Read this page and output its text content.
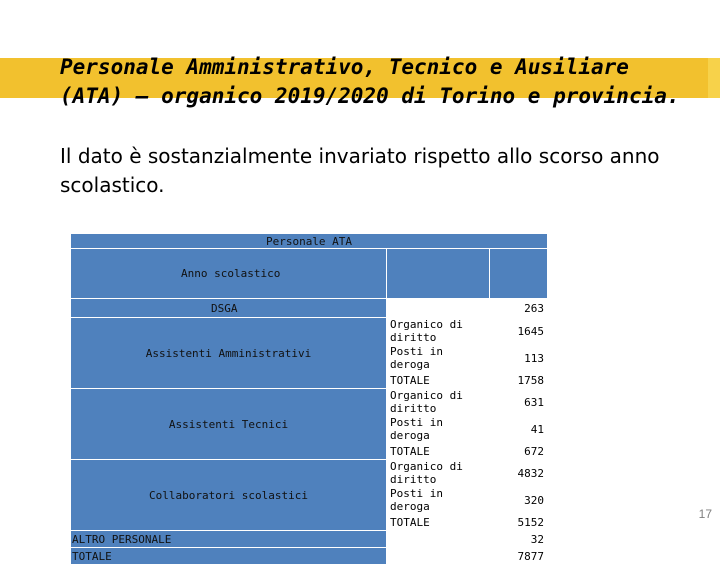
Personale Amministrativo, Tecnico e Ausiliare (ATA) – organico 2019/2020 di Torino e provincia.
Il dato è sostanzialmente invariato rispetto allo scorso anno scolastico.
Personale ATA		
Anno scolastico		
DSGA		263
Assistenti Amministrativi	Organico di diritto	1645
	Posti in deroga	113
	TOTALE	1758
Assistenti Tecnici	Organico di diritto	631
	Posti in deroga	41
	TOTALE	672
Collaboratori scolastici	Organico di diritto	4832
	Posti in deroga	320
	TOTALE	5152
ALTRO PERSONALE		32
TOTALE		7877
17
